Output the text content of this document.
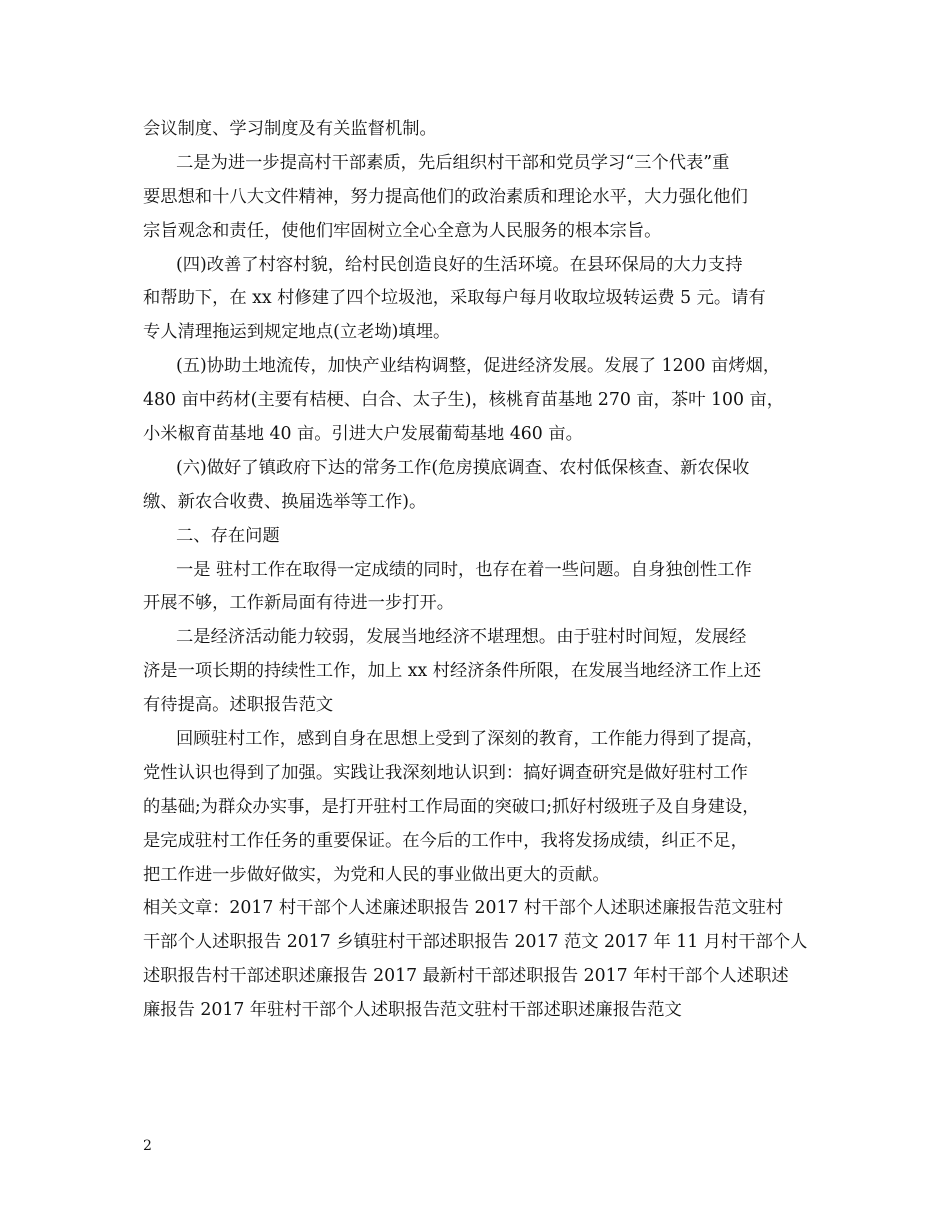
会议制度、学习制度及有关监督机制。
二是为进一步提高村干部素质，先后组织村干部和党员学习“三个代表”重
要思想和十八大文件精神，努力提高他们的政治素质和理论水平，大力强化他们
宗旨观念和责任，使他们牢固树立全心全意为人民服务的根本宗旨。
(四)改善了村容村貌，给村民创造良好的生活环境。在县环保局的大力支持
和帮助下，在 xx 村修建了四个垃圾池，采取每户每月收取垃圾转运费 5 元。请有
专人清理拖运到规定地点(立老坳)填埋。
(五)协助土地流传，加快产业结构调整，促进经济发展。发展了 1200 亩烤烟，
480 亩中药材(主要有桔梗、白合、太子生)，核桃育苗基地 270 亩，茶叶 100 亩，
小米椒育苗基地 40 亩。引进大户发展葡萄基地 460 亩。
(六)做好了镇政府下达的常务工作(危房摸底调查、农村低保核查、新农保收
缴、新农合收费、换届选举等工作)。
二、存在问题
一是 驻村工作在取得一定成绩的同时，也存在着一些问题。自身独创性工作
开展不够，工作新局面有待进一步打开。
二是经济活动能力较弱，发展当地经济不堪理想。由于驻村时间短，发展经
济是一项长期的持续性工作，加上 xx 村经济条件所限，在发展当地经济工作上还
有待提高。述职报告范文
回顾驻村工作，感到自身在思想上受到了深刻的教育，工作能力得到了提高，
党性认识也得到了加强。实践让我深刻地认识到：搞好调查研究是做好驻村工作
的基础;为群众办实事，是打开驻村工作局面的突破口;抓好村级班子及自身建设，
是完成驻村工作任务的重要保证。在今后的工作中，我将发扬成绩，纠正不足，
把工作进一步做好做实，为党和人民的事业做出更大的贡献。
相关文章：2017 村干部个人述廉述职报告 2017 村干部个人述职述廉报告范文驻村
干部个人述职报告 2017 乡镇驻村干部述职报告 2017 范文 2017 年 11 月村干部个人
述职报告村干部述职述廉报告 2017 最新村干部述职报告 2017 年村干部个人述职述
廉报告 2017 年驻村干部个人述职报告范文驻村干部述职述廉报告范文
2
